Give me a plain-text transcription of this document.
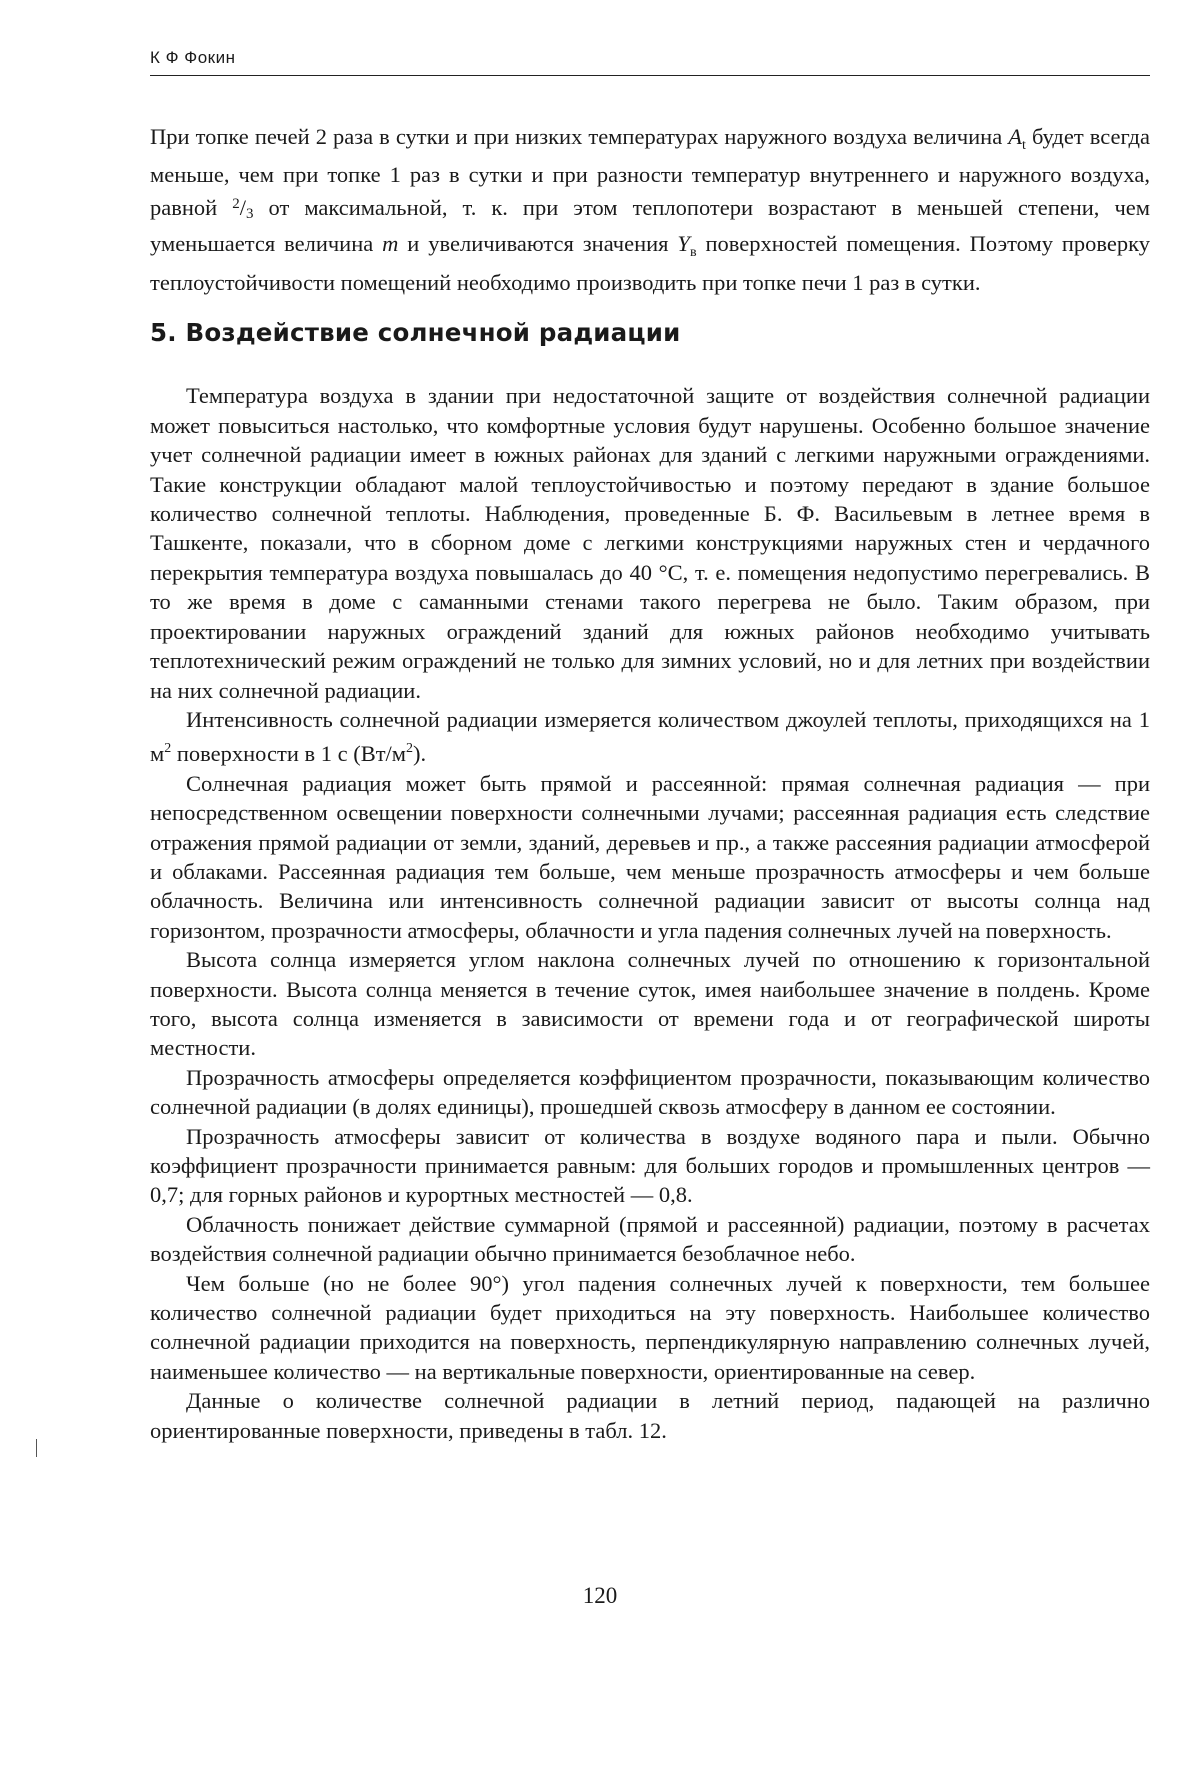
К Ф Фокин

При топке печей 2 раза в сутки и при низких температурах наружного воздуха величина $A_t$ будет всегда меньше, чем при топке 1 раз в сутки и при разности температур внутреннего и наружного воздуха, равной $^2$/3 от максимальной, т. к. при этом теплопотери возрастают в меньшей степени, чем уменьшается величина m и увеличиваются значения $Y_в$ поверхностей помещения. Поэтому проверку теплоустойчивости помещений необходимо производить при топке печи 1 раз в сутки.

5. Воздействие солнечной радиации

Температура воздуха в здании при недостаточной защите от воздействия солнечной радиации может повыситься настолько, что комфортные условия будут нарушены. Особенно большое значение учет солнечной радиации имеет в южных районах для зданий с легкими наружными ограждениями. Такие конструкции обладают малой теплоустойчивостью и поэтому передают в здание большое количество солнечной теплоты. Наблюдения, проведенные Б. Ф. Васильевым в летнее время в Ташкенте, показали, что в сборном доме с легкими конструкциями наружных стен и чердачного перекрытия температура воздуха повышалась до 40 °С, т. е. помещения недопустимо перегревались. В то же время в доме с саманными стенами такого перегрева не было. Таким образом, при проектировании наружных ограждений зданий для южных районов необходимо учитывать теплотехнический режим ограждений не только для зимних условий, но и для летних при воздействии на них солнечной радиации.

Интенсивность солнечной радиации измеряется количеством джоулей теплоты, приходящихся на 1 $м^2$ поверхности в 1 с $(Вт/м^2)$.

Солнечная радиация может быть прямой и рассеянной: прямая солнечная радиация — при непосредственном освещении поверхности солнечными лучами; рассеянная радиация есть следствие отражения прямой радиации от земли, зданий, деревьев и пр., а также рассеяния радиации атмосферой и облаками. Рассеянная радиация тем больше, чем меньше прозрачность атмосферы и чем больше облачность. Величина или интенсивность солнечной радиации зависит от высоты солнца над горизонтом, прозрачности атмосферы, облачности и угла падения солнечных лучей на поверхность.

Высота солнца измеряется углом наклона солнечных лучей по отношению к горизонтальной поверхности. Высота солнца меняется в течение суток, имея наибольшее значение в полдень. Кроме того, высота солнца изменяется в зависимости от времени года и от географической широты местности.

Прозрачность атмосферы определяется коэффициентом прозрачности, показывающим количество солнечной радиации (в долях единицы), прошедшей сквозь атмосферу в данном ее состоянии.

Прозрачность атмосферы зависит от количества в воздухе водяного пара и пыли. Обычно коэффициент прозрачности принимается равным: для больших городов и промышленных центров — 0,7; для горных районов и курортных местностей — 0,8.

Облачность понижает действие суммарной (прямой и рассеянной) радиации, поэтому в расчетах воздействия солнечной радиации обычно принимается безоблачное небо.

Чем больше (но не более 90°) угол падения солнечных лучей к поверхности, тем большее количество солнечной радиации будет приходиться на эту поверхность. Наибольшее количество солнечной радиации приходится на поверхность, перпендикулярную направлению солнечных лучей, наименьшее количество — на вертикальные поверхности, ориентированные на север.

Данные о количестве солнечной радиации в летний период, падающей на различно ориентированные поверхности, приведены в табл. 12.

120
